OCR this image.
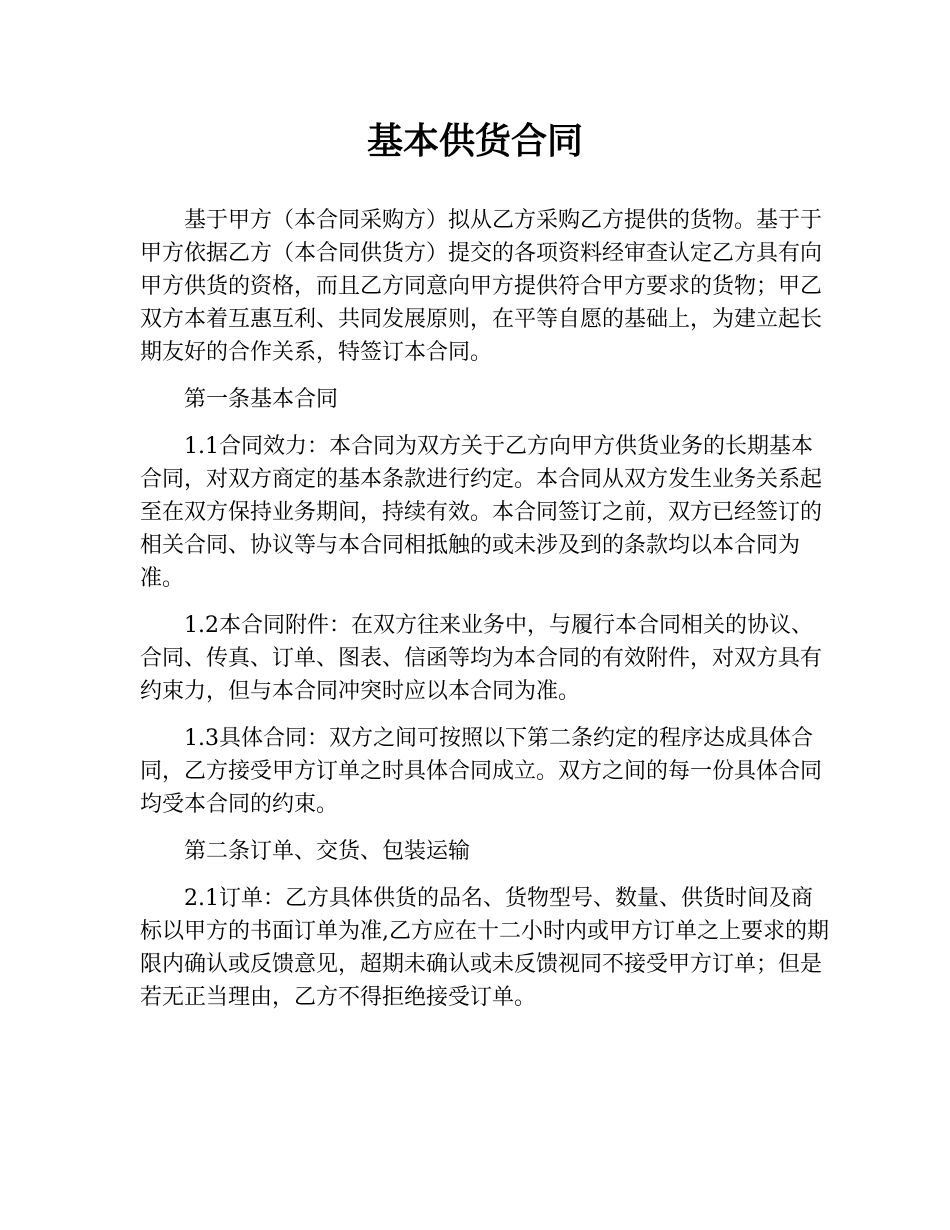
基本供货合同

基于甲方（本合同采购方）拟从乙方采购乙方提供的货物。基于于甲方依据乙方（本合同供货方）提交的各项资料经审查认定乙方具有向甲方供货的资格，而且乙方同意向甲方提供符合甲方要求的货物；甲乙双方本着互惠互利、共同发展原则，在平等自愿的基础上，为建立起长期友好的合作关系，特签订本合同。

第一条基本合同

1.1合同效力：本合同为双方关于乙方向甲方供货业务的长期基本合同，对双方商定的基本条款进行约定。本合同从双方发生业务关系起至在双方保持业务期间，持续有效。本合同签订之前，双方已经签订的相关合同、协议等与本合同相抵触的或未涉及到的条款均以本合同为准。

1.2本合同附件：在双方往来业务中，与履行本合同相关的协议、合同、传真、订单、图表、信函等均为本合同的有效附件，对双方具有约束力，但与本合同冲突时应以本合同为准。

1.3具体合同：双方之间可按照以下第二条约定的程序达成具体合同，乙方接受甲方订单之时具体合同成立。双方之间的每一份具体合同均受本合同的约束。

第二条订单、交货、包装运输

2.1订单：乙方具体供货的品名、货物型号、数量、供货时间及商标以甲方的书面订单为准,乙方应在十二小时内或甲方订单之上要求的期限内确认或反馈意见，超期未确认或未反馈视同不接受甲方订单；但是若无正当理由，乙方不得拒绝接受订单。
